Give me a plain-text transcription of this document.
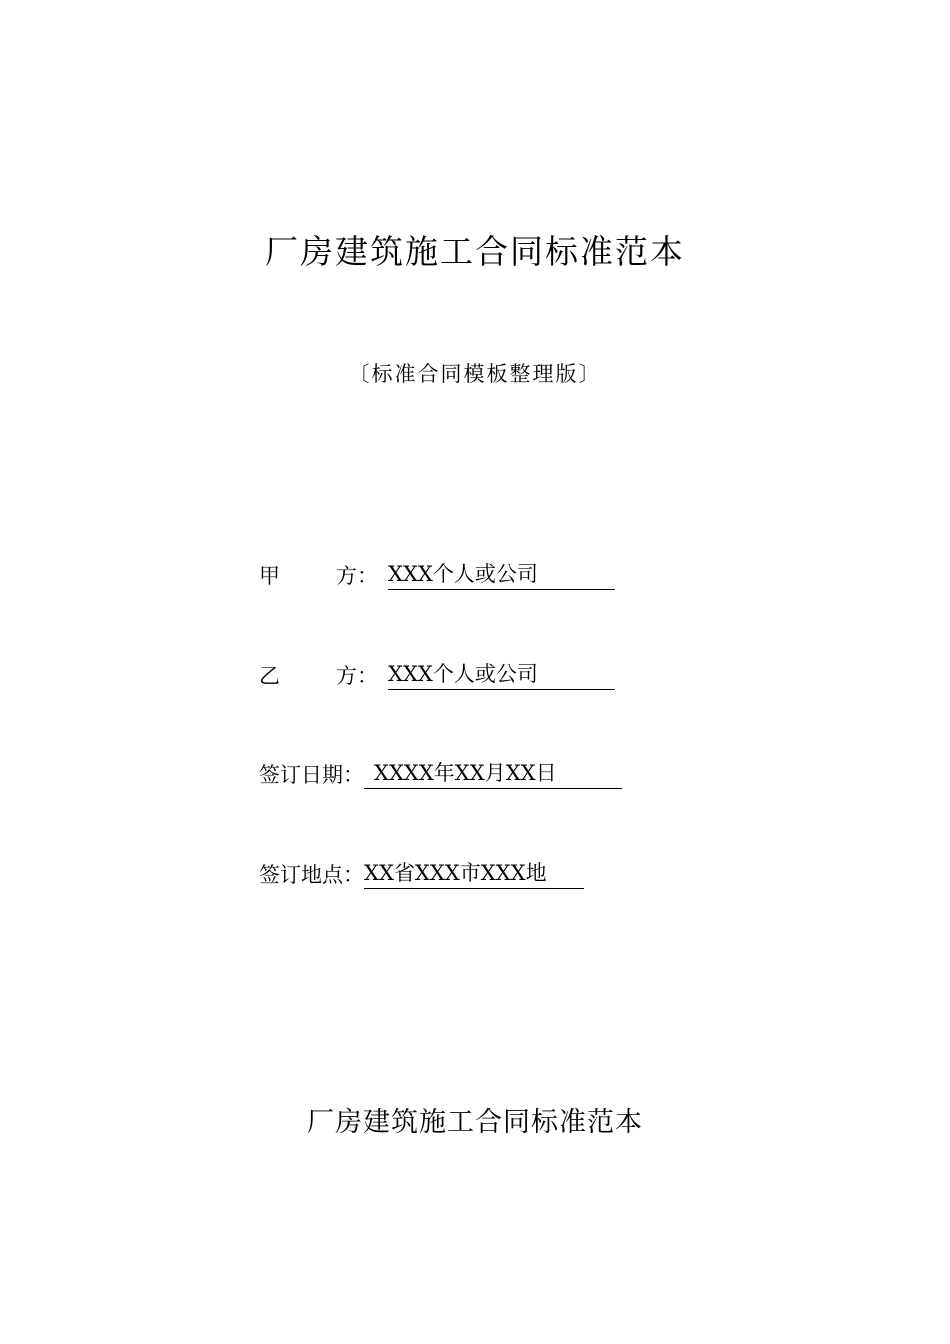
厂房建筑施工合同标准范本
〔标准合同模板整理版〕
甲	方： XXX个人或公司
乙	方： XXX个人或公司
签订日期： XXXX年XX月XX日
签订地点：XX省XXX市XXX地
厂房建筑施工合同标准范本
